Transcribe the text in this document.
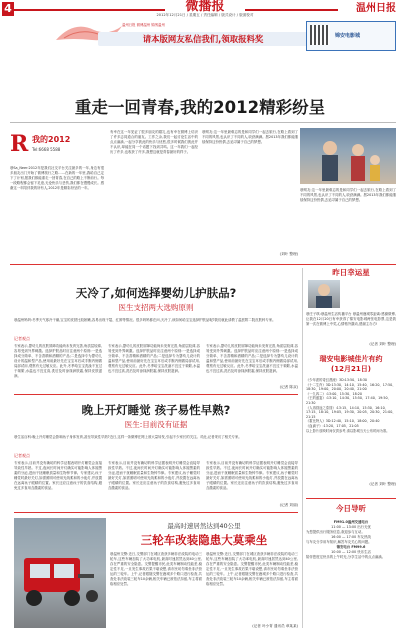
4	微播报	温州日报
2012年12月21日 / 星期五 / 责任编辑 / 版式设计 / 版面校对
温州日报 微博温州 锦绣温州
请本版网友私信我们,领取报料奖	锦安电影城
重走一回青春,我的2012精彩纷呈
R 我的2012
Tel:6668 5588
@Sa_Neer:2012年是我们社交平台关注最多的一年,身边有很多朋友出门开始了微博旅行之路……在新的一年里,我给自己定下了计划,愿我们都能重走一回青春,在自己的路上不断前行。每一段路程都会留下足迹,无论快乐与悲伤,我们都在慢慢成长。感谢这一年陪伴我的所有人,2012年是精彩纷呈的一年。
有幸在这一年见证了很多朋友的婚礼,也有幸在微博上结识了许多志同道合的朋友。工作之余,我们一起讨论生活中的点点滴滴,一起分享彼此的快乐与忧愁,很多时候我们彼此并不认识,却能在同一个话题下找到共鸣。这一年我们一起经历了许多,也收获了许多,我想这就是青春最好的样子。
@网友:这一年里最难忘的是和同学们一起去旅行,在路上看到了不同的风景,也认识了不同的人,收获满满。愿2013年我们都能继续保持这份热情,去追寻属于自己的梦想。
(刘叶 整理)
@网友:这一年里最难忘的是和同学们一起去旅行,在路上看到了不同的风景,也认识了不同的人,收获满满。愿2013年我们都能继续保持这份热情,去追寻属于自己的梦想。
天冷了,如何选择婴幼儿护肤品?
医生支招两大选购原则
@温州妈妈:冬季天气寒冷干燥,宝宝的皮肤比较娇嫩,容易出现干裂、红肿等情况。很多妈妈都在问,天冷了,该如何给宝宝选择护肤品呢?我们就此请教了温医附二院皮肤科专家。
记者观点
专家表示,婴幼儿的皮肤屏障功能尚未发育完善,角质层较薄,容易受到外界刺激。选择护肤品时应注意两个原则:一是选择成分简单、不含香精和酒精的产品;二是选择专为婴幼儿设计的温和型产品,使用前最好先在宝宝耳后或手腕内侧做局部试用,观察有无过敏反应。此外,冬季给宝宝洗澡不宜过于频繁,水温也不宜过高,洗后及时涂抹润肤霜,保持皮肤滋润。
专家表示,婴幼儿的皮肤屏障功能尚未发育完善,角质层较薄,容易受到外界刺激。选择护肤品时应注意两个原则:一是选择成分简单、不含香精和酒精的产品;二是选择专为婴幼儿设计的温和型产品,使用前最好先在宝宝耳后或手腕内侧做局部试用,观察有无过敏反应。此外,冬季给宝宝洗澡不宜过于频繁,水温也不宜过高,洗后及时涂抹润肤霜,保持皮肤滋润。
专家表示,婴幼儿的皮肤屏障功能尚未发育完善,角质层较薄,容易受到外界刺激。选择护肤品时应注意两个原则:一是选择成分简单、不含香精和酒精的产品;二是选择专为婴幼儿设计的温和型产品,使用前最好先在宝宝耳后或手腕内侧做局部试用,观察有无过敏反应。此外,冬季给宝宝洗澡不宜过于频繁,水温也不宜过高,洗后及时涂抹润肤霜,保持皮肤滋润。
(记者 陈双)
晚上开灯睡觉 孩子易性早熟?
医生:目前没有证据
@生活百科:晚上开灯睡觉会影响孩子身体发育,甚至导致性早熟?近日,这样一条微博在网上被大量转发,引起不少家长的关注。对此,记者采访了相关专家。
记者观点
专家表示,目前并没有确切的科学证据表明开灯睡觉会直接导致性早熟。不过,夜间长时间开灯确实可能影响人体褪黑素的分泌,进而干扰睡眠质量和生物钟节律。专家建议,孩子睡觉时最好关灯,如需照明可使用光线柔和的小夜灯,并放置在远离孩子眼睛的位置。家长还应注意孩子的饮食结构,避免过多食用含激素的食品。
专家表示,目前并没有确切的科学证据表明开灯睡觉会直接导致性早熟。不过,夜间长时间开灯确实可能影响人体褪黑素的分泌,进而干扰睡眠质量和生物钟节律。专家建议,孩子睡觉时最好关灯,如需照明可使用光线柔和的小夜灯,并放置在远离孩子眼睛的位置。家长还应注意孩子的饮食结构,避免过多食用含激素的食品。
专家表示,目前并没有确切的科学证据表明开灯睡觉会直接导致性早熟。不过,夜间长时间开灯确实可能影响人体褪黑素的分泌,进而干扰睡眠质量和生物钟节律。专家建议,孩子睡觉时最好关灯,如需照明可使用光线柔和的小夜灯,并放置在远离孩子眼睛的位置。家长还应注意孩子的饮食结构,避免过多食用含激素的食品。
(记者 刘丽)
最高时速居然达到40公里
三轮车改装隐患大莫乘坐
@温州交警:近日,交警部门在城区查获多辆非法改装的电动三轮车,这些车辆加装了大功率电机,最高时速居然达到40公里,存在严重的安全隐患。交警提醒市民,此类车辆制动性能差,稳定性不足,一旦发生事故后果不堪设想,请市民切勿乘坐非法营运的三轮车。上午,记者跟随交警在鹿城多个路口进行检查,共查处非法改装三轮车10余辆,相关车辆已被依法扣留,车主将面临相应处罚。
@温州交警:近日,交警部门在城区查获多辆非法改装的电动三轮车,这些车辆加装了大功率电机,最高时速居然达到40公里,存在严重的安全隐患。交警提醒市民,此类车辆制动性能差,稳定性不足,一旦发生事故后果不堪设想,请市民切勿乘坐非法营运的三轮车。上午,记者跟随交警在鹿城多个路口进行检查,共查处非法改装三轮车10余辆,相关车辆已被依法扣留,车主将面临相应处罚。
(记者 叶小青 通讯员 章某某)
昨日幸运星
@庄子琪:@温州生活传播平台 @温州鹿城零距离:感谢微博,让我在12月20日有幸获得了锦安电影城两张电影票,这是我第一次在微博上中奖,心情格外激动,感谢主办方!
(记者 刘叶 整理)
瑞安电影城佳片有约
(12月21日)
《少年派的奇幻漂流》3D:13:50、18:30
《十二生肖》3D:13:30、14:10、15:40、16:20、17:50、18:30、19:00、20:00、20:40、21:00
《一九四二》:13:00、15:30、18:20
《王的盛宴》:13:10、14:30、15:50、17:40、19:50、21:30
《人再囧途之泰囧》:13:15、14:10、15:30、16:10、17:15、18:10、19:05、19:30、20:05、20:30、21:00、21:15
《霍比特人》3D:12:40、15:10、18:00、20:40
《血滴子》:13:20、17:05、21:05
以上影片放映时间仅供参考,请以影城当天公布时间为准。
(记者 刘叶 整理)
今日导听
FM91.0温州交通电台
11:00 — 13:00 出行无忧
为您提供出行服务信息,欢迎参与互动。
16:00 — 17:00 车友热线
与车友分享用车知识,解答车友关心的问题。
锦安电台 FM99.6
10:00 — 12:00 快乐生活
陪伴您度过快乐的上午时光,分享生活中的点点滴滴。
